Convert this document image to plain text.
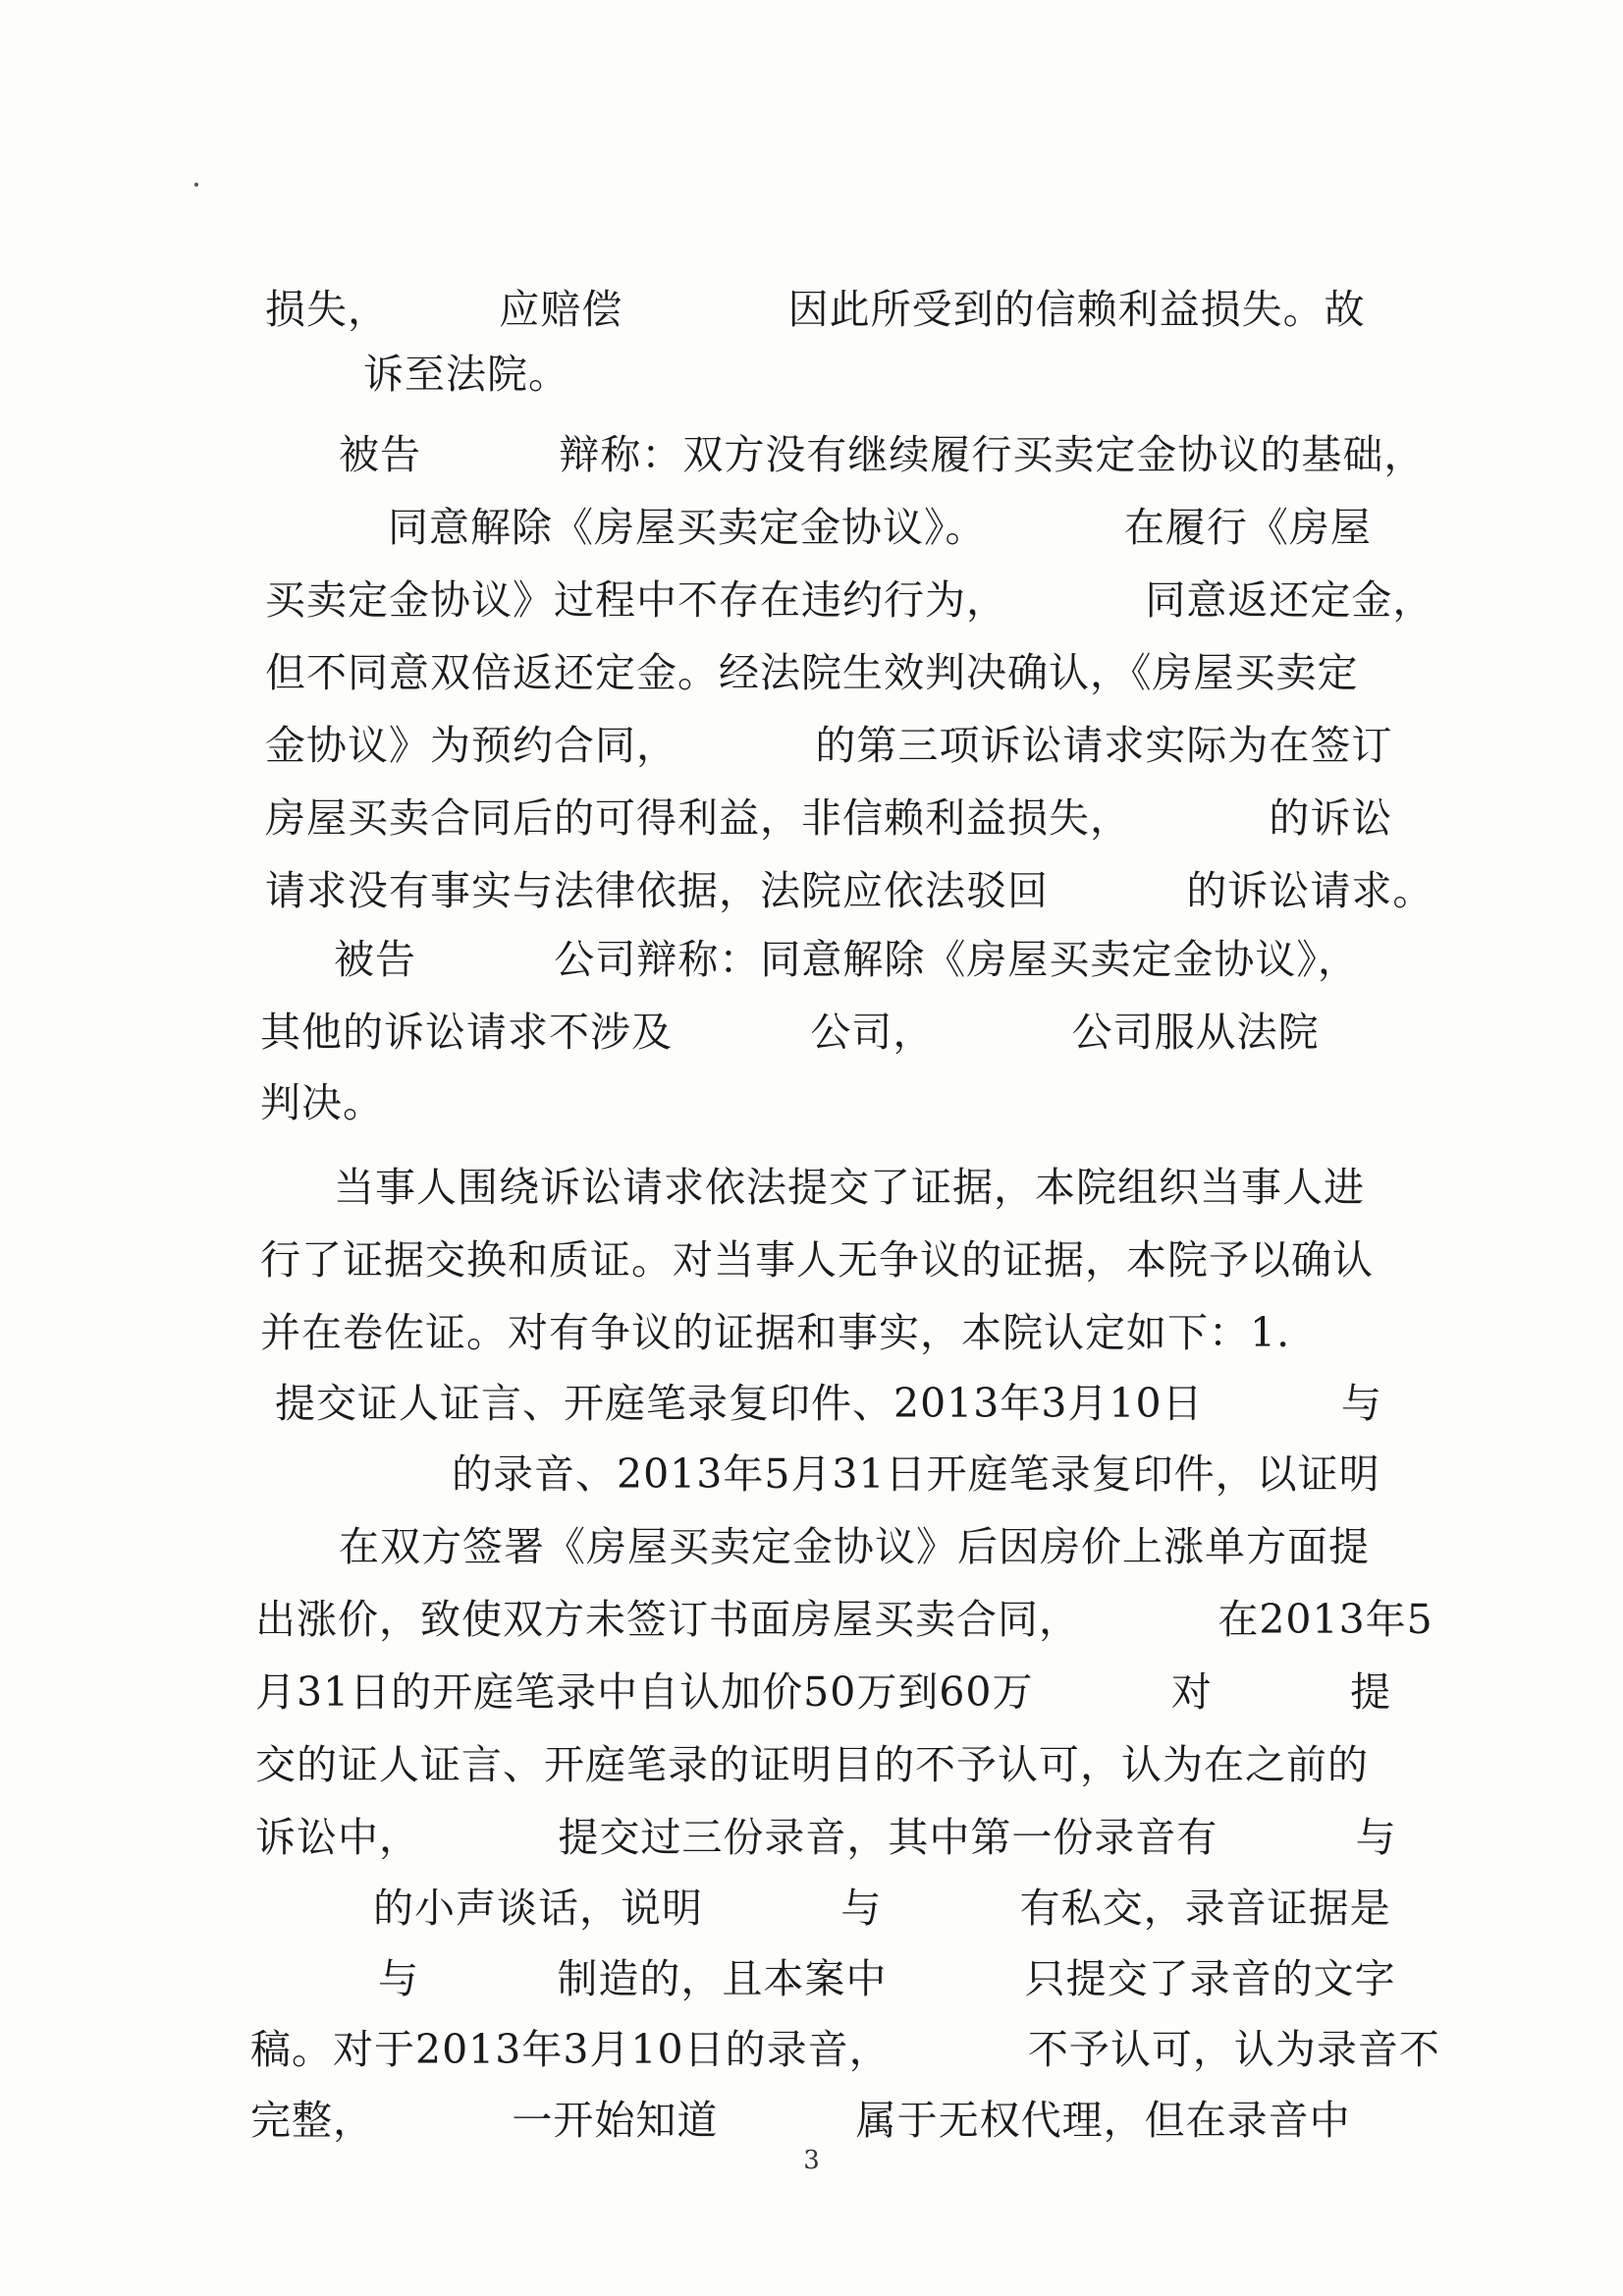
损失，        应赔偿            因此所受到的信赖利益损失。故
诉至法院。
被告          辩称：双方没有继续履行买卖定金协议的基础，
同意解除《房屋买卖定金协议》。          在履行《房屋
买卖定金协议》过程中不存在违约行为，          同意返还定金，
但不同意双倍返还定金。经法院生效判决确认，《房屋买卖定
金协议》为预约合同，          的第三项诉讼请求实际为在签订
房屋买卖合同后的可得利益，非信赖利益损失，          的诉讼
请求没有事实与法律依据，法院应依法驳回          的诉讼请求。
被告          公司辩称：同意解除《房屋买卖定金协议》，
其他的诉讼请求不涉及          公司，          公司服从法院
判决。
当事人围绕诉讼请求依法提交了证据，本院组织当事人进
行了证据交换和质证。对当事人无争议的证据，本院予以确认
并在卷佐证。对有争议的证据和事实，本院认定如下：1.
提交证人证言、开庭笔录复印件、2013年3月10日          与
的录音、2013年5月31日开庭笔录复印件，以证明
在双方签署《房屋买卖定金协议》后因房价上涨单方面提
出涨价，致使双方未签订书面房屋买卖合同，          在2013年5
月31日的开庭笔录中自认加价50万到60万          对          提
交的证人证言、开庭笔录的证明目的不予认可，认为在之前的
诉讼中，          提交过三份录音，其中第一份录音有          与
的小声谈话，说明          与          有私交，录音证据是
与          制造的，且本案中          只提交了录音的文字
稿。对于2013年3月10日的录音，          不予认可，认为录音不
完整，          一开始知道          属于无权代理，但在录音中
3
